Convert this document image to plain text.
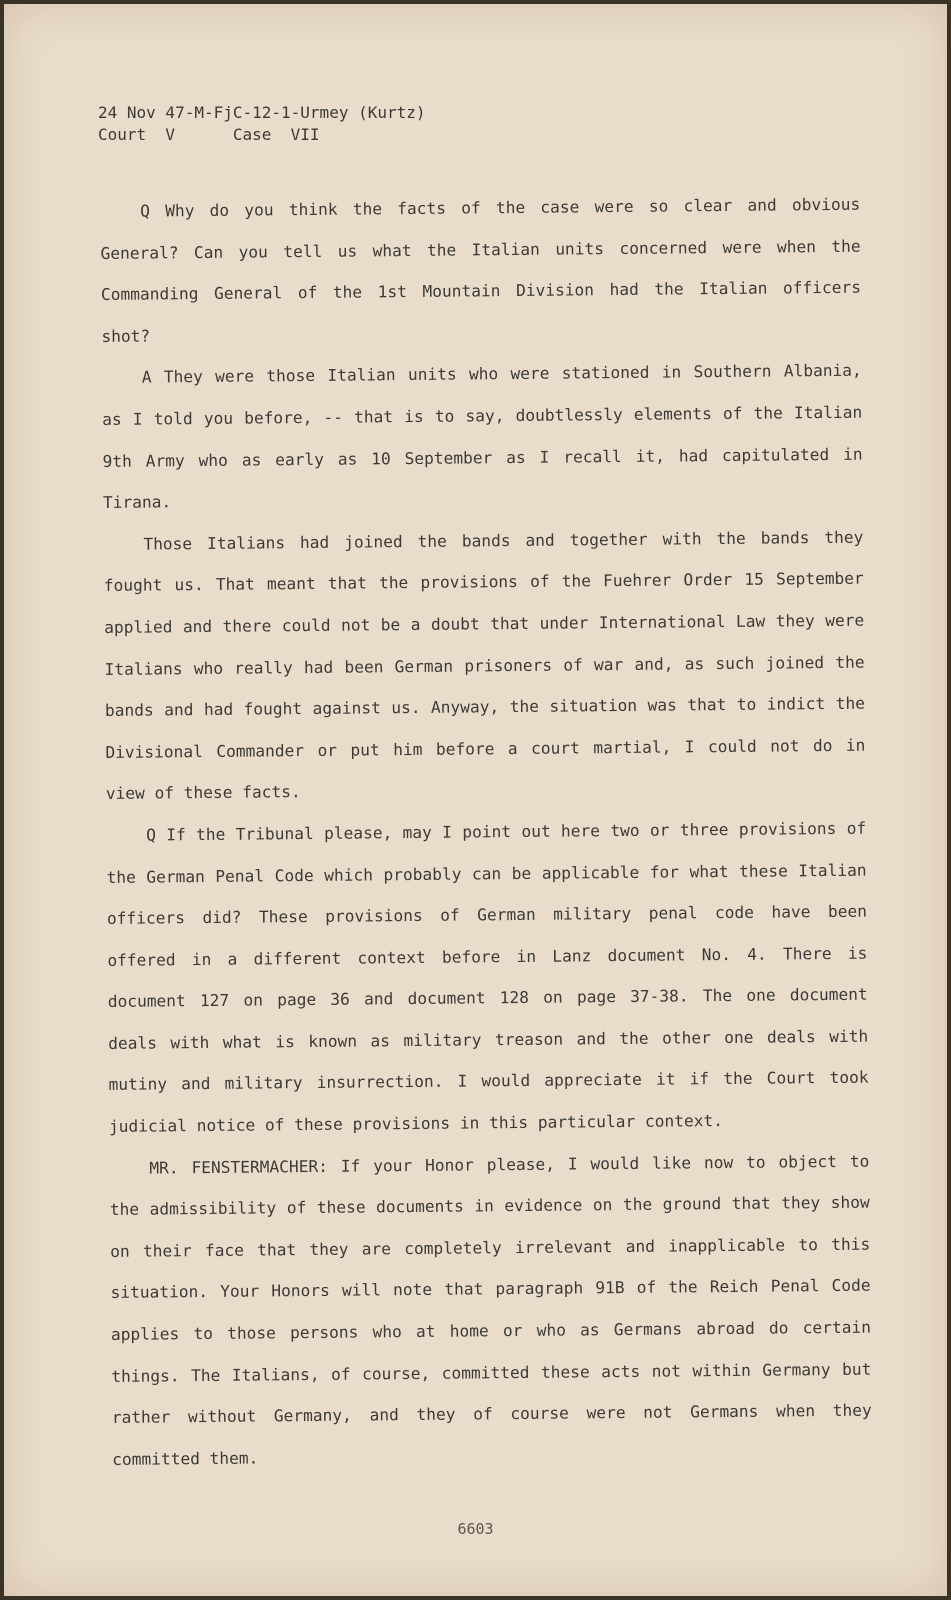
24 Nov 47-M-FjC-12-1-Urmey (Kurtz)
Court  V      Case  VII

Q Why do you think the facts of the case were so clear and obvious General? Can you tell us what the Italian units concerned were when the Commanding General of the 1st Mountain Division had the Italian officers shot?

A They were those Italian units who were stationed in Southern Albania, as I told you before, -- that is to say, doubtlessly elements of the Italian 9th Army who as early as 10 September as I recall it, had capitulated in Tirana.

Those Italians had joined the bands and together with the bands they fought us. That meant that the provisions of the Fuehrer Order 15 September applied and there could not be a doubt that under International Law they were Italians who really had been German prisoners of war and, as such joined the bands and had fought against us. Anyway, the situation was that to indict the Divisional Commander or put him before a court martial, I could not do in view of these facts.

Q If the Tribunal please, may I point out here two or three provisions of the German Penal Code which probably can be applicable for what these Italian officers did? These provisions of German military penal code have been offered in a different context before in Lanz document No. 4. There is document 127 on page 36 and document 128 on page 37-38. The one document deals with what is known as military treason and the other one deals with mutiny and military insurrection. I would appreciate it if the Court took judicial notice of these provisions in this particular context.

MR. FENSTERMACHER: If your Honor please, I would like now to object to the admissibility of these documents in evidence on the ground that they show on their face that they are completely irrelevant and inapplicable to this situation. Your Honors will note that paragraph 91B of the Reich Penal Code applies to those persons who at home or who as Germans abroad do certain things. The Italians, of course, committed these acts not within Germany but rather without Germany, and they of course were not Germans when they committed them.

6603
